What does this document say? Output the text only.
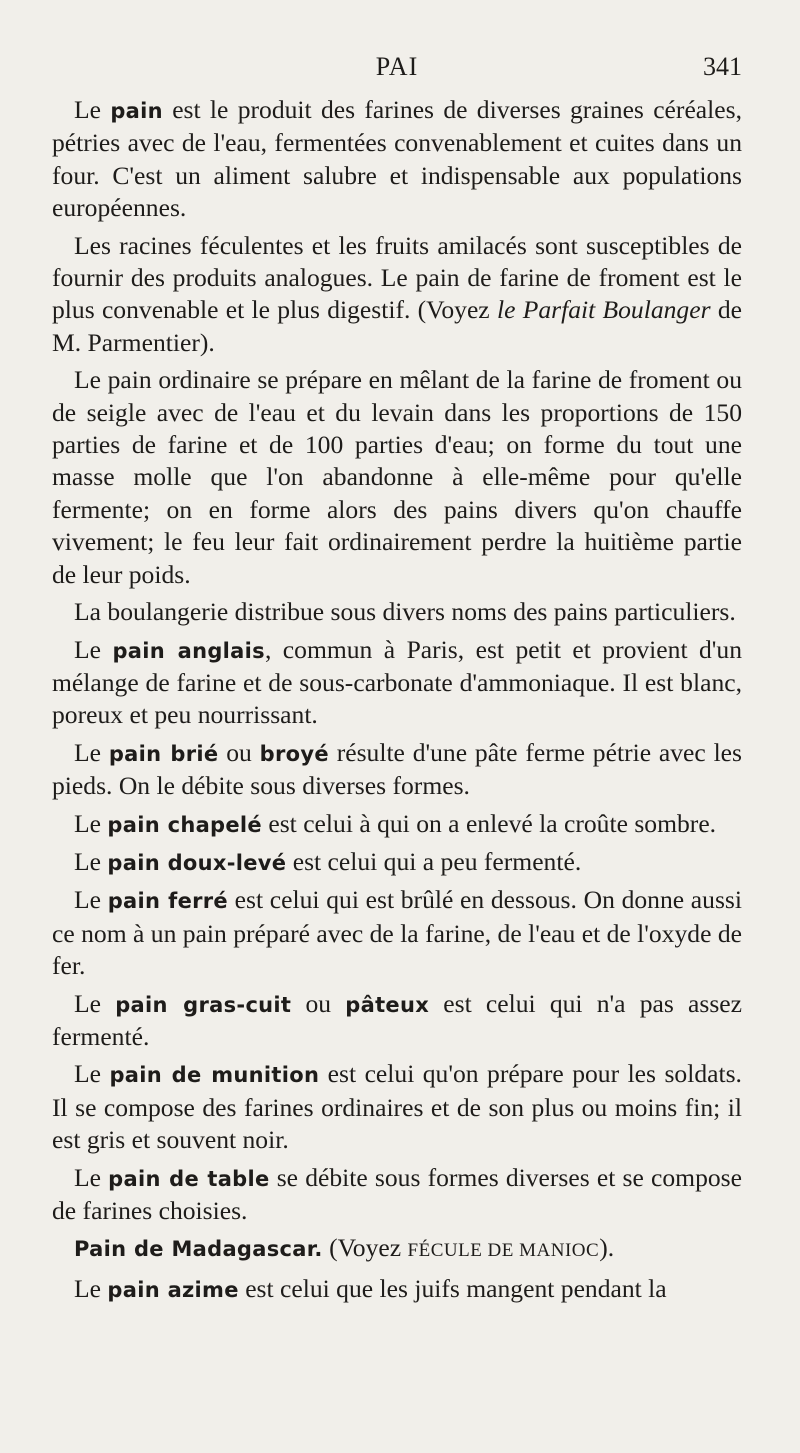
PAI	341

Le pain est le produit des farines de diverses graines céréales, pétries avec de l'eau, fermentées convenablement et cuites dans un four. C'est un aliment salubre et indispensable aux populations européennes.

Les racines féculentes et les fruits amilacés sont susceptibles de fournir des produits analogues. Le pain de farine de froment est le plus convenable et le plus digestif. (Voyez le Parfait Boulanger de M. Parmentier).

Le pain ordinaire se prépare en mêlant de la farine de froment ou de seigle avec de l'eau et du levain dans les proportions de 150 parties de farine et de 100 parties d'eau; on forme du tout une masse molle que l'on abandonne à elle-même pour qu'elle fermente; on en forme alors des pains divers qu'on chauffe vivement; le feu leur fait ordinairement perdre la huitième partie de leur poids.

La boulangerie distribue sous divers noms des pains particuliers.

Le pain anglais, commun à Paris, est petit et provient d'un mélange de farine et de sous-carbonate d'ammoniaque. Il est blanc, poreux et peu nourrissant.

Le pain brié ou broyé résulte d'une pâte ferme pétrie avec les pieds. On le débite sous diverses formes.

Le pain chapelé est celui à qui on a enlevé la croûte sombre.

Le pain doux-levé est celui qui a peu fermenté.

Le pain ferré est celui qui est brûlé en dessous. On donne aussi ce nom à un pain préparé avec de la farine, de l'eau et de l'oxyde de fer.

Le pain gras-cuit ou pâteux est celui qui n'a pas assez fermenté.

Le pain de munition est celui qu'on prépare pour les soldats. Il se compose des farines ordinaires et de son plus ou moins fin; il est gris et souvent noir.

Le pain de table se débite sous formes diverses et se compose de farines choisies.

Pain de Madagascar. (Voyez FÉCULE DE MANIOC).

Le pain azime est celui que les juifs mangent pendant la
